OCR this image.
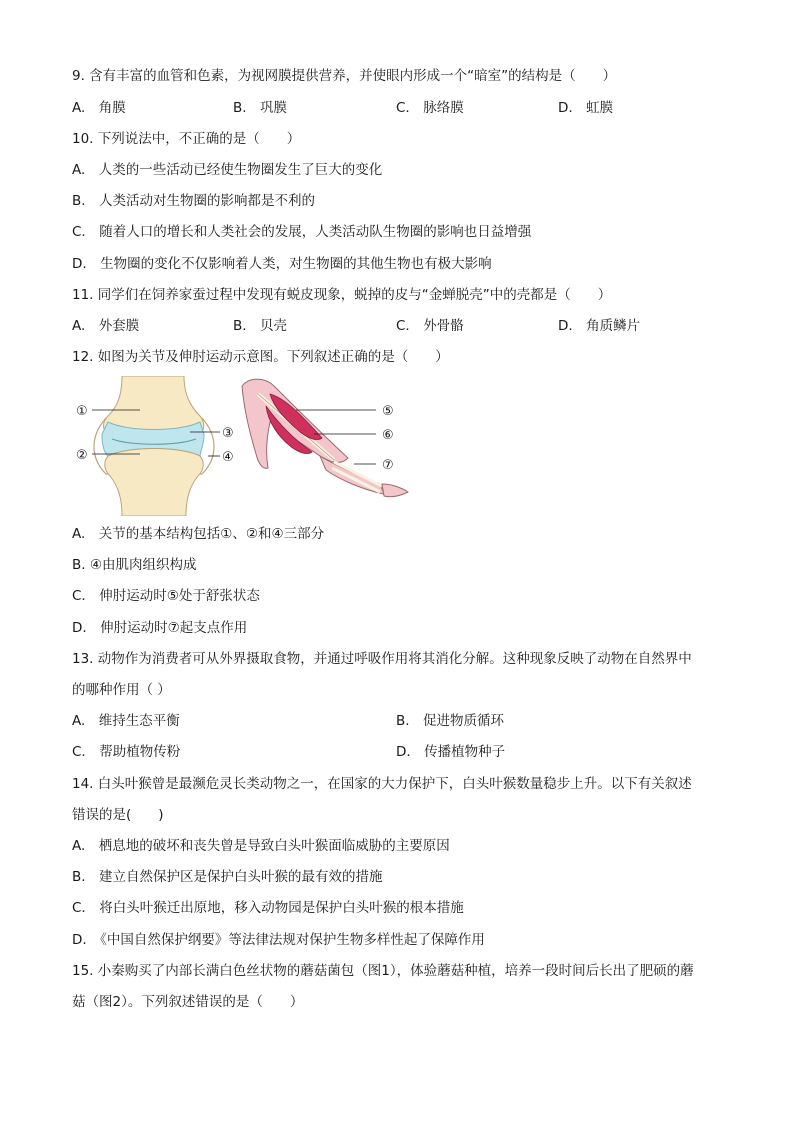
9. 含有丰富的血管和色素，为视网膜提供营养，并使眼内形成一个“暗室”的结构是（　　）
A.　角膜	B.　巩膜	C.　脉络膜	D.　虹膜
10. 下列说法中，不正确的是（　　）
A.　人类的一些活动已经使生物圈发生了巨大的变化
B.　人类活动对生物圈的影响都是不利的
C.　随着人口的增长和人类社会的发展，人类活动队生物圈的影响也日益增强
D.　生物圈的变化不仅影响着人类，对生物圈的其他生物也有极大影响
11. 同学们在饲养家蚕过程中发现有蜕皮现象，蜕掉的皮与“金蝉脱壳”中的壳都是（　　）
A.　外套膜	B.　贝壳	C.　外骨骼	D.　角质鳞片
12. 如图为关节及伸肘运动示意图。下列叙述正确的是（　　）
①
②
③
④
⑤
⑥
⑦
A.　关节的基本结构包括①、②和④三部分
B. ④由肌肉组织构成
C.　伸肘运动时⑤处于舒张状态
D.　伸肘运动时⑦起支点作用
13. 动物作为消费者可从外界摄取食物，并通过呼吸作用将其消化分解。这种现象反映了动物在自然界中
的哪种作用（ ）
A.　维持生态平衡	B.　促进物质循环
C.　帮助植物传粉	D.　传播植物种子
14. 白头叶猴曾是最濒危灵长类动物之一，在国家的大力保护下，白头叶猴数量稳步上升。以下有关叙述
错误的是(　　)
A.　栖息地的破坏和丧失曾是导致白头叶猴面临威胁的主要原因
B.　建立自然保护区是保护白头叶猴的最有效的措施
C.　将白头叶猴迁出原地，移入动物园是保护白头叶猴的根本措施
D.　《中国自然保护纲要》等法律法规对保护生物多样性起了保障作用
15. 小秦购买了内部长满白色丝状物的蘑菇菌包（图1），体验蘑菇种植，培养一段时间后长出了肥硕的蘑
菇（图2）。下列叙述错误的是（　　）
